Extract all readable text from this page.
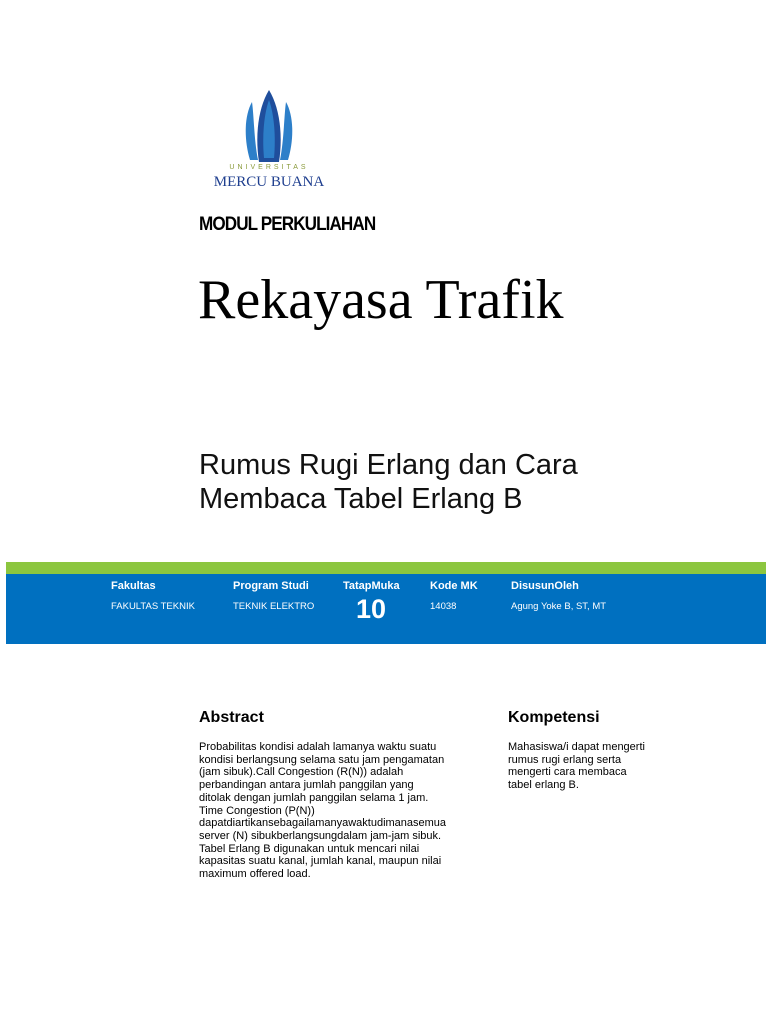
UNIVERSITAS
MERCU BUANA
MODUL PERKULIAHAN
Rekayasa Trafik
Rumus Rugi Erlang dan Cara
Membaca Tabel Erlang B
Fakultas
FAKULTAS TEKNIK
Program Studi
TEKNIK ELEKTRO
TatapMuka
10
Kode MK
14038
DisusunOleh
Agung Yoke B, ST, MT
Abstract
Probabilitas kondisi adalah lamanya waktu suatu
kondisi berlangsung selama satu jam pengamatan
(jam sibuk).Call Congestion (R(N)) adalah
perbandingan antara jumlah panggilan yang
ditolak dengan jumlah panggilan selama 1 jam.
Time Congestion (P(N))
dapatdiartikansebagailamanyawaktudimanasemua
server (N) sibukberlangsungdalam jam-jam sibuk.
Tabel Erlang B digunakan untuk mencari nilai
kapasitas suatu kanal, jumlah kanal, maupun nilai
maximum offered load.
Kompetensi
Mahasiswa/i dapat mengerti
rumus rugi erlang serta
mengerti cara membaca
tabel erlang B.
